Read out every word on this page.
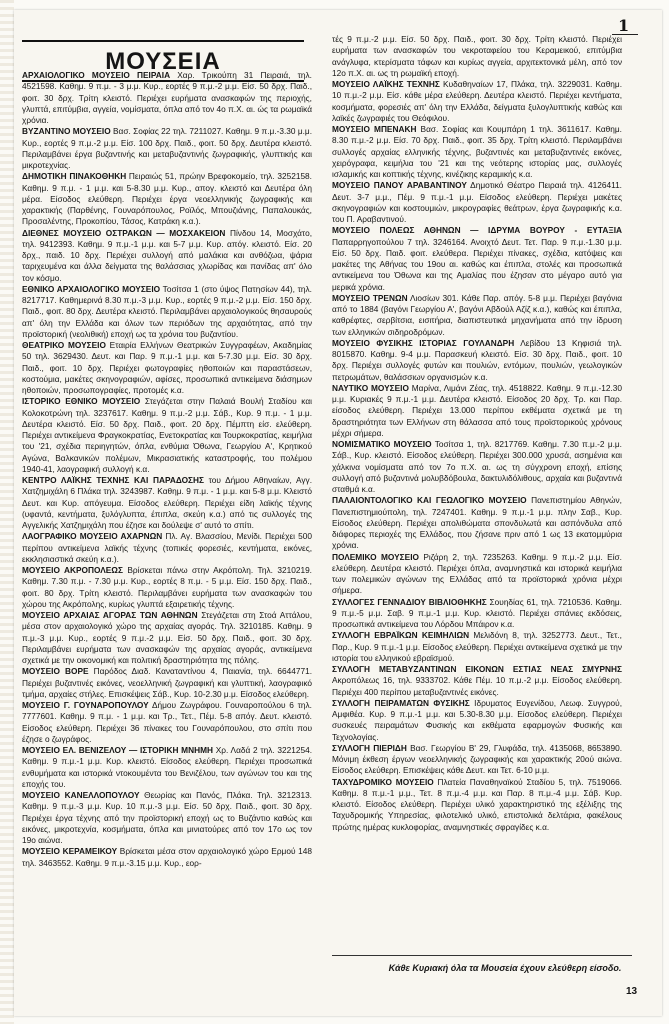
1
ΜΟΥΣΕΙΑ

ΑΡΧΑΙΟΛΟΓΙΚΟ ΜΟΥΣΕΙΟ ΠΕΙΡΑΙΑ Χαρ. Τρικούπη 31 Πειραιά, τηλ. 4521598. Καθημ. 9 π.μ. - 3 μ.μ. Κυρ., εορτές 9 π.μ.-2 μ.μ. Είσ. 50 δρχ. Παιδ., φοιτ. 30 δρχ. Τρίτη κλειστό. Περιέχει ευρήματα ανασκαφών της περιοχής, γλυπτά, επιτύμβια, αγγεία, νομίσματα, όπλα από τον 4ο π.Χ. αι. ώς τα ρωμαϊκά χρόνια.

ΒΥΖΑΝΤΙΝΟ ΜΟΥΣΕΙΟ Βασ. Σοφίας 22 τηλ. 7211027. Καθημ. 9 π.μ.-3.30 μ.μ. Κυρ., εορτές 9 π.μ.-2 μ.μ. Είσ. 100 δρχ. Παιδ., φοιτ. 50 δρχ. Δευτέρα κλειστό. Περιλαμβάνει έργα βυζαντινής και μεταβυζαντινής ζωγραφικής, γλυπτικής και μικροτεχνίας.

ΔΗΜΟΤΙΚΗ ΠΙΝΑΚΟΘΗΚΗ Πειραιώς 51, πρώην Βρεφοκομείο, τηλ. 3252158. Καθημ. 9 π.μ. - 1 μ.μ. και 5-8.30 μ.μ. Κυρ., απογ. κλειστό και Δευτέρα όλη μέρα. Είσοδος ελεύθερη. Περιέχει έργα νεοελληνικής ζωγραφικής και χαρακτικής (Παρθένης, Γουναρόπουλος, Ροϊλός, Μπουζιάνης, Παπαλουκάς, Προσαλέντης, Προκοπίου, Τάσος, Κατράκη κ.α.).

ΔΙΕΘΝΕΣ ΜΟΥΣΕΙΟ ΟΣΤΡΑΚΩΝ — ΜΟΣΧΑΚΕΙΟΝ Πίνδου 14, Μοσχάτο, τηλ. 9412393. Καθημ. 9 π.μ.-1 μ.μ. και 5-7 μ.μ. Κυρ. απόγ. κλειστό. Είσ. 20 δρχ., παιδ. 10 δρχ. Περιέχει συλλογή από μαλάκια και ανθόζωα, ψάρια ταριχευμένα και άλλα δείγματα της θαλάσσιας χλωρίδας και πανίδας απ' όλο τον κόσμο.

ΕΘΝΙΚΟ ΑΡΧΑΙΟΛΟΓΙΚΟ ΜΟΥΣΕΙΟ Τοσίτσα 1 (στο ύψος Πατησίων 44), τηλ. 8217717. Καθημερινά 8.30 π.μ.-3 μ.μ. Κυρ., εορτές 9 π.μ.-2 μ.μ. Είσ. 150 δρχ. Παιδ., φοιτ. 80 δρχ. Δευτέρα κλειστό. Περιλαμβάνει αρχαιολογικούς θησαυρούς απ' όλη την Ελλάδα και όλων των περιόδων της αρχαιότητας, από την προϊστορική (νεολιθική) εποχή ως τα χρόνια του βυζαντίου.

ΘΕΑΤΡΙΚΟ ΜΟΥΣΕΙΟ Εταιρία Ελλήνων Θεατρικών Συγγραφέων, Ακαδημίας 50 τηλ. 3629430. Δευτ. και Παρ. 9 π.μ.-1 μ.μ. και 5-7.30 μ.μ. Είσ. 30 δρχ. Παιδ., φοιτ. 10 δρχ. Περιέχει φωτογραφίες ηθοποιών και παραστάσεων, κοστούμια, μακέτες σκηνογραφιών, αφίσες, προσωπικά αντικείμενα διάσημων ηθοποιών, προσωπογραφίες, προτομές κ.α.

ΙΣΤΟΡΙΚΟ ΕΘΝΙΚΟ ΜΟΥΣΕΙΟ Στεγάζεται στην Παλαιά Βουλή Σταδίου και Κολοκοτρώνη τηλ. 3237617. Καθημ. 9 π.μ.-2 μ.μ. Σάβ., Κυρ. 9 π.μ. - 1 μ.μ. Δευτέρα κλειστό. Είσ. 50 δρχ. Παιδ., φοιτ. 20 δρχ. Πέμπτη είσ. ελεύθερη. Περιέχει αντικείμενα Φραγκοκρατίας, Ενετοκρατίας και Τουρκοκρατίας, κειμήλια του '21, σχέδια περιηγητών, όπλα, ενθύμια Όθωνα, Γεωργίου Α', Κρητικού Αγώνα, Βαλκανικών πολέμων, Μικρασιατικής καταστροφής, του πολέμου 1940-41, λαογραφική συλλογή κ.α.

ΚΕΝΤΡΟ ΛΑΪΚΗΣ ΤΕΧΝΗΣ ΚΑΙ ΠΑΡΑΔΟΣΗΣ του Δήμου Αθηναίων, Αγγ. Χατζημιχάλη 6 Πλάκα τηλ. 3243987. Καθημ. 9 π.μ. - 1 μ.μ. και 5-8 μ.μ. Κλειστό Δευτ. και Κυρ. απόγευμα. Είσοδος ελεύθερη. Περιέχει είδη λαϊκής τέχνης (υφαντά, κεντήματα, ξυλόγλυπτα, έπιπλα, σκεύη κ.α.) από τις συλλογές της Αγγελικής Χατζημιχάλη που έζησε και δούλεψε σ' αυτό το σπίτι.

ΛΑΟΓΡΑΦΙΚΟ ΜΟΥΣΕΙΟ ΑΧΑΡΝΩΝ Πλ. Αγ. Βλασσίου, Μενίδι. Περιέχει 500 περίπου αντικείμενα λαϊκής τέχνης (τοπικές φορεσιές, κεντήματα, εικόνες, εκκλησιαστικά σκεύη κ.α.).

ΜΟΥΣΕΙΟ ΑΚΡΟΠΟΛΕΩΣ Βρίσκεται πάνω στην Ακρόπολη. Τηλ. 3210219. Καθημ. 7.30 π.μ. - 7.30 μ.μ. Κυρ., εορτές 8 π.μ. - 5 μ.μ. Είσ. 150 δρχ. Παιδ., φοιτ. 80 δρχ. Τρίτη κλειστό. Περιλαμβάνει ευρήματα των ανασκαφών του χώρου της Ακρόπολης, κυρίως γλυπτά εξαιρετικής τέχνης.

ΜΟΥΣΕΙΟ ΑΡΧΑΙΑΣ ΑΓΟΡΑΣ ΤΩΝ ΑΘΗΝΩΝ Στεγάζεται στη Στοά Αττάλου, μέσα στον αρχαιολογικό χώρο της αρχαίας αγοράς. Τηλ. 3210185. Καθημ. 9 π.μ.-3 μ.μ. Κυρ., εορτές 9 π.μ.-2 μ.μ. Είσ. 50 δρχ. Παιδ., φοιτ. 30 δρχ. Περιλαμβάνει ευρήματα των ανασκαφών της αρχαίας αγοράς, αντικείμενα σχετικά με την οικονομική και πολιτική δραστηριότητα της πόλης.

ΜΟΥΣΕΙΟ ΒΟΡΕ Παρόδος Διαδ. Καναταντίνου 4, Παιανία, τηλ. 6644771. Περιέχει βυζαντινές εικόνες, νεοελληνική ζωγραφική και γλυπτική, λαογραφικό τμήμα, αρχαίες στήλες. Επισκέψεις Σάβ., Κυρ. 10-2.30 μ.μ. Είσοδος ελεύθερη.

ΜΟΥΣΕΙΟ Γ. ΓΟΥΝΑΡΟΠΟΥΛΟΥ Δήμου Ζωγράφου. Γουναροπούλου 6 τηλ. 7777601. Καθημ. 9 π.μ. - 1 μ.μ. και Τρ., Τετ., Πέμ. 5-8 απόγ. Δευτ. κλειστό. Είσοδος ελεύθερη. Περιέχει 36 πίνακες του Γουναρόπουλου, στο σπίτι που έζησε ο ζωγράφος.

ΜΟΥΣΕΙΟ ΕΛ. ΒΕΝΙΖΕΛΟΥ — ΙΣΤΟΡΙΚΗ ΜΝΗΜΗ Χρ. Λαδά 2 τηλ. 3221254. Καθημ. 9 π.μ.-1 μ.μ. Κυρ. κλειστό. Είσοδος ελεύθερη. Περιέχει προσωπικά ενθυμήματα και ιστορικά ντοκουμέντα του Βενιζέλου, των αγώνων του και της εποχής του.

ΜΟΥΣΕΙΟ ΚΑΝΕΛΛΟΠΟΥΛΟΥ Θεωρίας και Πανός, Πλάκα. Τηλ. 3212313. Καθημ. 9 π.μ.-3 μ.μ. Κυρ. 10 π.μ.-3 μ.μ. Είσ. 50 δρχ. Παιδ., φοιτ. 30 δρχ. Περιέχει έργα τέχνης από την προϊστορική εποχή ως το Βυζάντιο καθώς και εικόνες, μικροτεχνία, κοσμήματα, όπλα και μινιατούρες από τον 17ο ως τον 19ο αιώνα.

ΜΟΥΣΕΙΟ ΚΕΡΑΜΕΙΚΟΥ Βρίσκεται μέσα στον αρχαιολογικό χώρο Ερμού 148 τηλ. 3463552. Καθημ. 9 π.μ.-3.15 μ.μ. Κυρ., εορ-

τές 9 π.μ.-2 μ.μ. Είσ. 50 δρχ. Παιδ., φοιτ. 30 δρχ. Τρίτη κλειστό. Περιέχει ευρήματα των ανασκαφών του νεκροταφείου του Κεραμεικού, επιτύμβια ανάγλυφα, κτερίσματα τάφων και κυρίως αγγεία, αρχιτεκτονικά μέλη, από τον 12ο π.Χ. αι. ως τη ρωμαϊκή εποχή.

ΜΟΥΣΕΙΟ ΛΑΪΚΗΣ ΤΕΧΝΗΣ Κυδαθηναίων 17, Πλάκα, τηλ. 3229031. Καθημ. 10 π.μ.-2 μ.μ. Είσ. κάθε μέρα ελεύθερη. Δευτέρα κλειστό. Περιέχει κεντήματα, κοσμήματα, φορεσιές απ' όλη την Ελλάδα, δείγματα ξυλογλυπτικής καθώς και λαϊκές ζωγραφιές του Θεόφιλου.

ΜΟΥΣΕΙΟ ΜΠΕΝΑΚΗ Βασ. Σοφίας και Κουμπάρη 1 τηλ. 3611617. Καθημ. 8.30 π.μ.-2 μ.μ. Είσ. 70 δρχ. Παιδ., φοιτ. 35 δρχ. Τρίτη κλειστό. Περιλαμβάνει συλλογές αρχαίας ελληνικής τέχνης, βυζαντινές και μεταβυζαντινές εικόνες, χειρόγραφα, κειμήλια του '21 και της νεότερης ιστορίας μας, συλλογές ισλαμικής και κοπτικής τέχνης, κινέζικης κεραμικής κ.α.

ΜΟΥΣΕΙΟ ΠΑΝΟΥ ΑΡΑΒΑΝΤΙΝΟΥ Δημοτικό Θέατρο Πειραιά τηλ. 4126411. Δευτ. 3-7 μ.μ., Πέμ. 9 π.μ.-1 μ.μ. Είσοδος ελεύθερη. Περιέχει μακέτες σκηνογραφιών και κοστουμιών, μικρογραφίες θεάτρων, έργα ζωγραφικής κ.α. του Π. Αραβαντινού.

ΜΟΥΣΕΙΟ ΠΟΛΕΩΣ ΑΘΗΝΩΝ — ΙΔΡΥΜΑ ΒΟΥΡΟΥ - ΕΥΤΑΞΙΑ Παπαρρηγοπούλου 7 τηλ. 3246164. Ανοιχτό Δευτ. Τετ. Παρ. 9 π.μ.-1.30 μ.μ. Είσ. 50 δρχ. Παιδ. φοιτ. ελεύθερα. Περιέχει πίνακες, σχέδια, κατόψεις και μακέτες της Αθήνας του 19ου αι. καθώς και έπιπλα, στολές και προσωπικά αντικείμενα του Όθωνα και της Αμαλίας που έζησαν στο μέγαρο αυτό για μερικά χρόνια.

ΜΟΥΣΕΙΟ ΤΡΕΝΩΝ Λιοσίων 301. Κάθε Παρ. απόγ. 5-8 μ.μ. Περιέχει βαγόνια από το 1884 (βαγόνι Γεωργίου Α', βαγόνι Αβδούλ Αζίζ κ.α.), καθώς και έπιπλα, καθρέφτες, σερβίτσια, εισιτήρια, διαπιστευτικά μηχανήματα από την ίδρυση των ελληνικών σιδηροδρόμων.

ΜΟΥΣΕΙΟ ΦΥΣΙΚΗΣ ΙΣΤΟΡΙΑΣ ΓΟΥΛΑΝΔΡΗ Λεβίδου 13 Κηφισιά τηλ. 8015870. Καθημ. 9-4 μ.μ. Παρασκευή κλειστό. Είσ. 30 δρχ. Παιδ., φοιτ. 10 δρχ. Περιέχει συλλογές φυτών και πουλιών, εντόμων, πουλιών, γεωλογικών πετρωμάτων, θαλάσσιων οργανισμών κ.α.

ΝΑΥΤΙΚΟ ΜΟΥΣΕΙΟ Μαρίνα, Λιμάνι Ζέας, τηλ. 4518822. Καθημ. 9 π.μ.-12.30 μ.μ. Κυριακές 9 π.μ.-1 μ.μ. Δευτέρα κλειστό. Είσοδος 20 δρχ. Τρ. και Παρ. είσοδος ελεύθερη. Περιέχει 13.000 περίπου εκθέματα σχετικά με τη δραστηριότητα των Ελλήνων στη θάλασσα από τους προϊστορικούς χρόνους μέχρι σήμερα.

ΝΟΜΙΣΜΑΤΙΚΟ ΜΟΥΣΕΙΟ Τοσίτσα 1, τηλ. 8217769. Καθημ. 7.30 π.μ.-2 μ.μ. Σάβ., Κυρ. κλειστό. Είσοδος ελεύθερη. Περιέχει 300.000 χρυσά, ασημένια και χάλκινα νομίσματα από τον 7ο π.Χ. αι. ως τη σύγχρονη εποχή, επίσης συλλογή από βυζαντινά μολυβδόβουλα, δακτυλιδόλιθους, αρχαία και βυζαντινά σταθμά κ.α.

ΠΑΛΑΙΟΝΤΟΛΟΓΙΚΟ ΚΑΙ ΓΕΩΛΟΓΙΚΟ ΜΟΥΣΕΙΟ Πανεπιστημίου Αθηνών, Πανεπιστημιούπολη, τηλ. 7247401. Καθημ. 9 π.μ.-1 μ.μ. πλην Σαβ., Κυρ. Είσοδος ελεύθερη. Περιέχει απολιθώματα σπονδυλωτά και ασπόνδυλα από διάφορες περιοχές της Ελλάδος, που ζήσανε πριν από 1 ως 13 εκατομμύρια χρόνια.

ΠΟΛΕΜΙΚΟ ΜΟΥΣΕΙΟ Ριζάρη 2, τηλ. 7235263. Καθημ. 9 π.μ.-2 μ.μ. Είσ. ελεύθερη. Δευτέρα κλειστό. Περιέχει όπλα, αναμνηστικά και ιστορικά κειμήλια των πολεμικών αγώνων της Ελλάδας από τα προϊστορικά χρόνια μέχρι σήμερα.

ΣΥΛΛΟΓΕΣ ΓΕΝΝΑΔΙΟΥ ΒΙΒΛΙΟΘΗΚΗΣ Σουηδίας 61, τηλ. 7210536. Καθημ. 9 π.μ.-5 μ.μ. Σαβ. 9 π.μ.-1 μ.μ. Κυρ. κλειστό. Περιέχει σπάνιες εκδόσεις, προσωπικά αντικείμενα του Λόρδου Μπάιρον κ.α.

ΣΥΛΛΟΓΗ ΕΒΡΑΪΚΩΝ ΚΕΙΜΗΛΙΩΝ Μελιδόνη 8, τηλ. 3252773. Δευτ., Τετ., Παρ., Κυρ. 9 π.μ.-1 μ.μ. Είσοδος ελεύθερη. Περιέχει αντικείμενα σχετικά με την ιστορία του ελληνικού εβραϊσμού.

ΣΥΛΛΟΓΗ ΜΕΤΑΒΥΖΑΝΤΙΝΩΝ ΕΙΚΟΝΩΝ ΕΣΤΙΑΣ ΝΕΑΣ ΣΜΥΡΝΗΣ Ακροπόλεως 16, τηλ. 9333702. Κάθε Πέμ. 10 π.μ.-2 μ.μ. Είσοδος ελεύθερη. Περιέχει 400 περίπου μεταβυζαντινές εικόνες.

ΣΥΛΛΟΓΗ ΠΕΙΡΑΜΑΤΩΝ ΦΥΣΙΚΗΣ Ιδρυματος Ευγενίδου, Λεωφ. Συγγρού, Αμφιθέα. Κυρ. 9 π.μ.-1 μ.μ. και 5.30-8.30 μ.μ. Είσοδος ελεύθερη. Περιέχει συσκευές πειραμάτων Φυσικής και εκθέματα εφαρμογών Φυσικής και Τεχνολογίας.

ΣΥΛΛΟΓΗ ΠΙΕΡΙΔΗ Βασ. Γεωργίου Β' 29, Γλυφάδα, τηλ. 4135068, 8653890. Μόνιμη έκθεση έργων νεοελληνικής ζωγραφικής και χαρακτικής 20ού αιώνα. Είσοδος ελεύθερη. Επισκέψεις κάθε Δευτ. και Τετ. 6-10 μ.μ.

ΤΑΧΥΔΡΟΜΙΚΟ ΜΟΥΣΕΙΟ Πλατεία Παναθηναϊκού Σταδίου 5, τηλ. 7519066. Καθημ. 8 π.μ.-1 μ.μ., Τετ. 8 π.μ.-4 μ.μ. και Παρ. 8 π.μ.-4 μ.μ. Σάβ. Κυρ. κλειστό. Είσοδος ελεύθερη. Περιέχει υλικό χαρακτηριστικό της εξέλιξης της Ταχυδρομικής Υπηρεσίας, φιλοτελικό υλικό, επιστολικά δελτάρια, φακέλους πρώτης ημέρας κυκλοφορίας, αναμνηστικές σφραγίδες κ.α.

Κάθε Κυριακή όλα τα Μουσεία έχουν ελεύθερη είσοδο.
13
